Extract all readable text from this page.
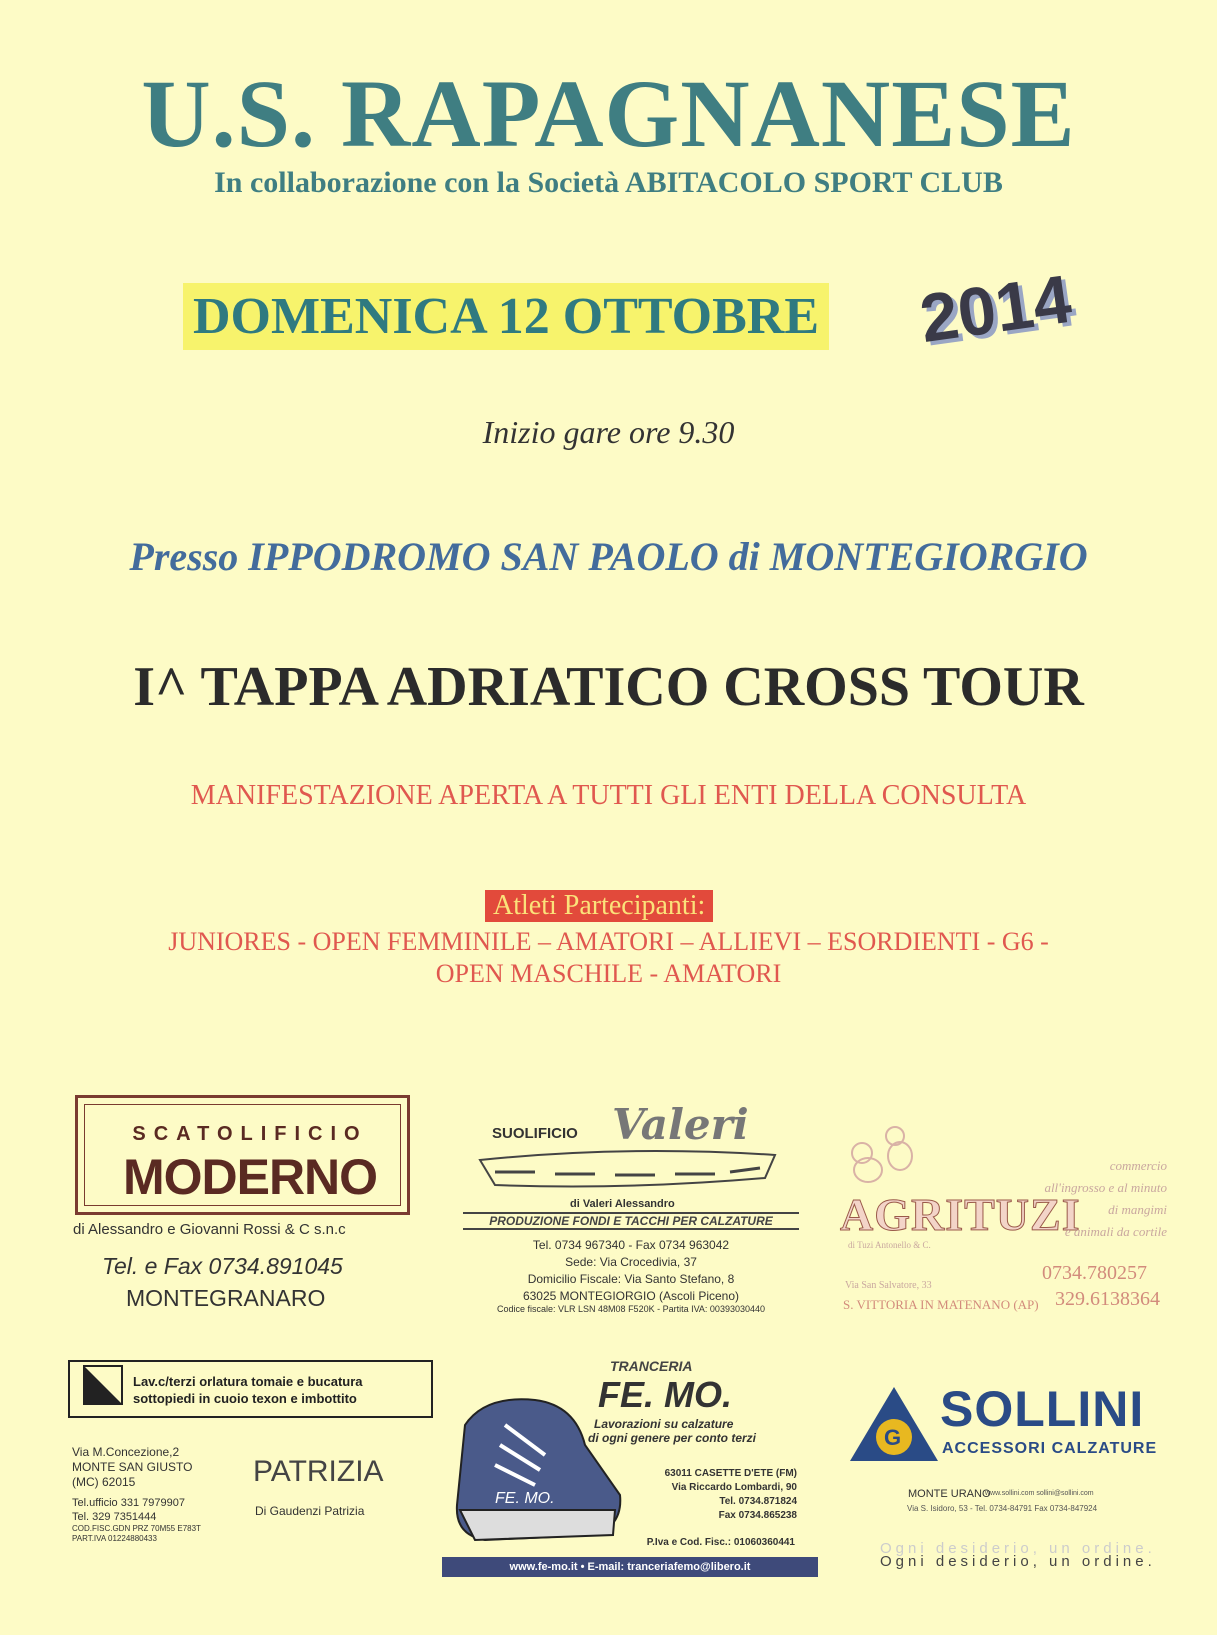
U.S. RAPAGNANESE
In collaborazione con la Società ABITACOLO SPORT CLUB
DOMENICA 12 OTTOBRE 2014
Inizio gare ore 9.30
Presso IPPODROMO SAN PAOLO di MONTEGIORGIO
I^ TAPPA ADRIATICO CROSS TOUR
MANIFESTAZIONE APERTA A TUTTI GLI ENTI DELLA CONSULTA
Atleti Partecipanti:
JUNIORES - OPEN FEMMINILE – AMATORI – ALLIEVI – ESORDIENTI - G6 -
OPEN MASCHILE - AMATORI
SCATOLIFICIO
MODERNO
di Alessandro e Giovanni Rossi & C s.n.c
Tel. e Fax 0734.891045
MONTEGRANARO
SUOLIFICIO Valeri
di Valeri Alessandro
PRODUZIONE FONDI E TACCHI PER CALZATURE
Tel. 0734 967340 - Fax 0734 963042
Sede: Via Crocedivia, 37
Domicilio Fiscale: Via Santo Stefano, 8
63025 MONTEGIORGIO (Ascoli Piceno)
Codice fiscale: VLR LSN 48M08 F520K - Partita IVA: 00393030440
AGRITUZI
di Tuzi Antonello & C.
commercio
all'ingrosso e al minuto
di mangimi
e animali da cortile
Via San Salvatore, 33
S. VITTORIA IN MATENANO (AP)
0734.780257
329.6138364
Lav.c/terzi orlatura tomaie e bucatura
sottopiedi in cuoio texon e imbottito
Via M.Concezione,2
MONTE SAN GIUSTO
(MC) 62015
Tel.ufficio 331 7979907
Tel. 329 7351444
COD.FISC.GDN PRZ 70M55 E783T
PART.IVA 01224880433
PATRIZIA
Di Gaudenzi Patrizia
TRANCERIA
FE. MO.
Lavorazioni su calzature
di ogni genere per conto terzi
FE. MO.
63011 CASETTE D'ETE (FM)
Via Riccardo Lombardi, 90
Tel. 0734.871824
Fax 0734.865238
P.Iva e Cod. Fisc.: 01060360441
www.fe-mo.it • E-mail: tranceriafemo@libero.it
G
SOLLINI
ACCESSORI CALZATURE
MONTE URANO
www.sollini.com sollini@sollini.com
Via S. Isidoro, 53 - Tel. 0734-84791 Fax 0734-847924
Ogni desiderio, un ordine.
Ogni desiderio, un ordine.
